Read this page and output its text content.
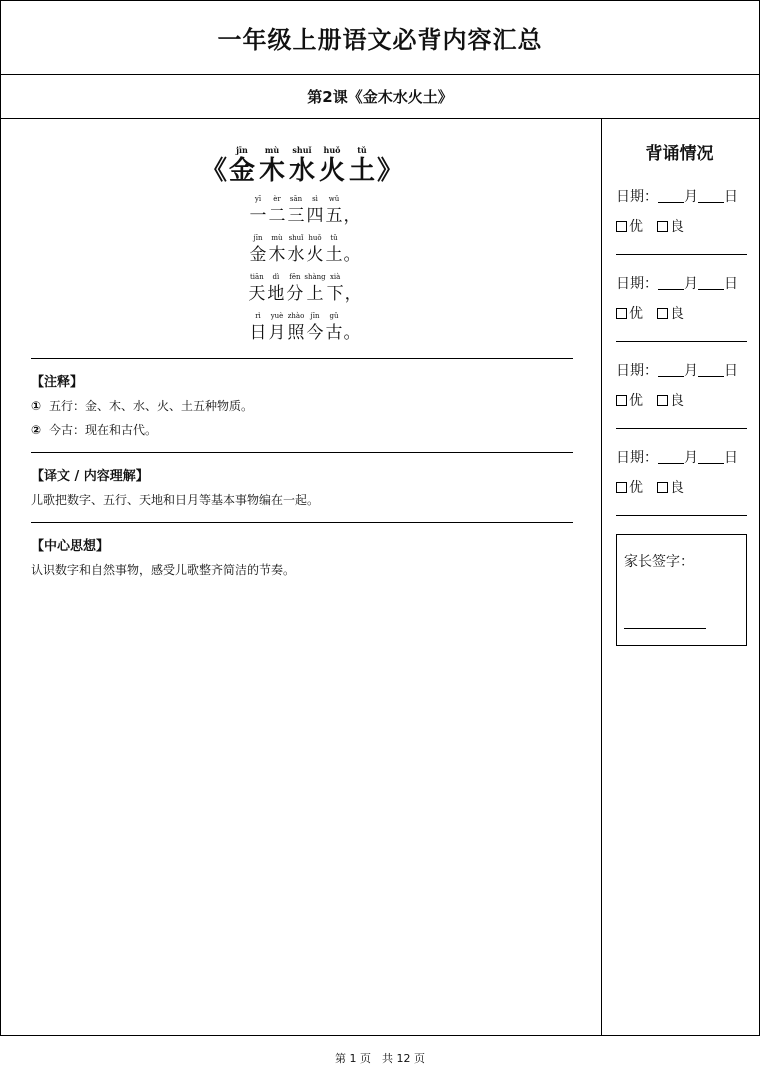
一年级上册语文必背内容汇总
第2课《金木水火土》
《
jīn
金
mù
木
shuǐ
水
huǒ
火
tǔ
土 》
yī
一
èr
二
sān
三
sì
四
wǔ
五 ，
jīn
金
mù
木
shuǐ
水
huǒ
火
tǔ
土 。
tiān
天
dì
地
fēn
分
shàng
上
xià
下 ，
rì
日
yuè
月
zhào
照
jīn
今
gǔ
古 。
【注释】

① 五行：金、木、水、火、土五种物质。

② 今古：现在和古代。

【译文 / 内容理解】

儿歌把数字、五行、天地和日月等基本事物编在一起。

【中心思想】

认识数字和自然事物，感受儿歌整齐简洁的节奏。

背诵情况
日期： 月 日
优 良
日期： 月 日
优 良
日期： 月 日
优 良
日期： 月 日
优 良
家长签字：
第 1 页　共 12 页
